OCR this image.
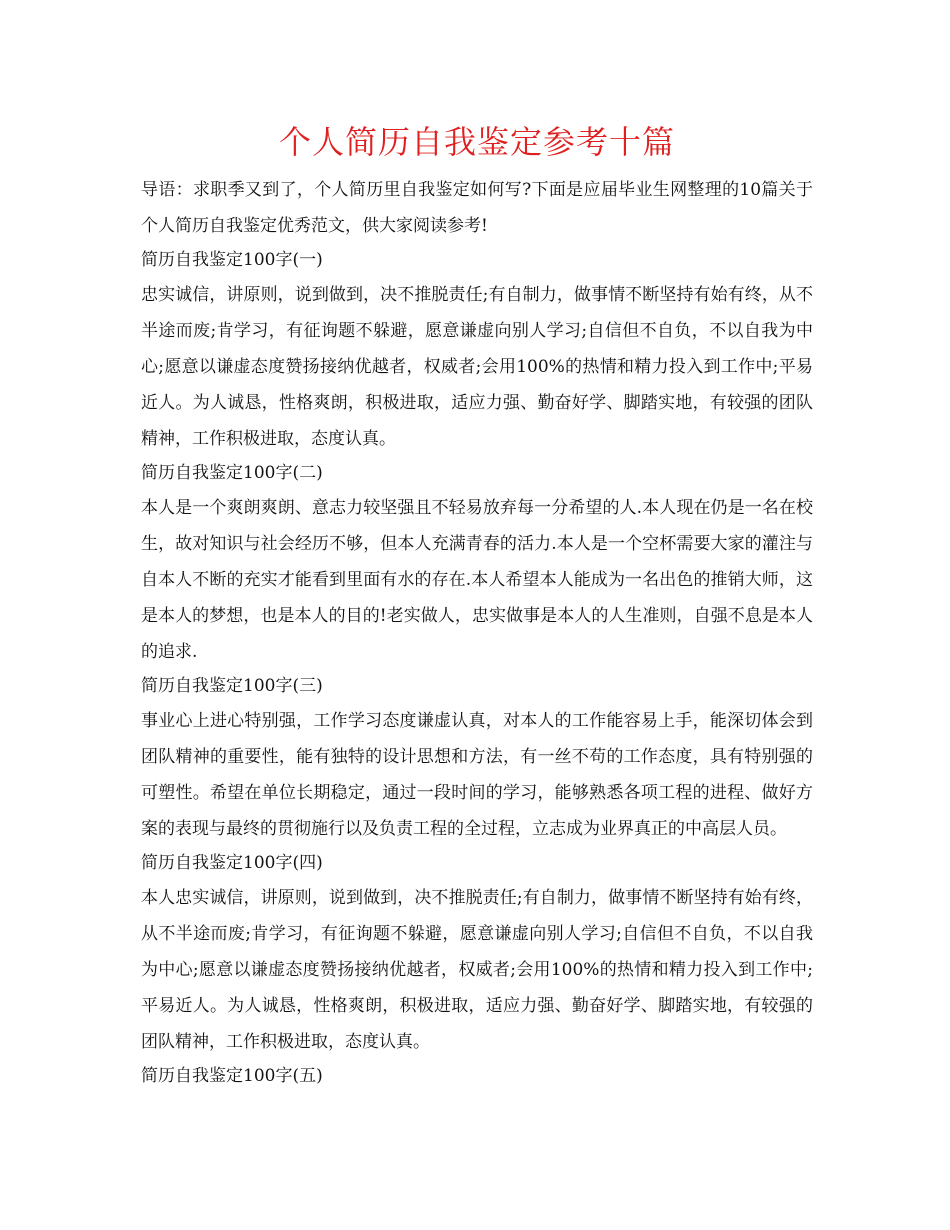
个人简历自我鉴定参考十篇

导语：求职季又到了，个人简历里自我鉴定如何写?下面是应届毕业生网整理的10篇关于个人简历自我鉴定优秀范文，供大家阅读参考!

简历自我鉴定100字(一)

忠实诚信，讲原则，说到做到，决不推脱责任;有自制力，做事情不断坚持有始有终，从不半途而废;肯学习，有征询题不躲避，愿意谦虚向别人学习;自信但不自负，不以自我为中心;愿意以谦虚态度赞扬接纳优越者，权威者;会用100%的热情和精力投入到工作中;平易近人。为人诚恳，性格爽朗，积极进取，适应力强、勤奋好学、脚踏实地，有较强的团队精神，工作积极进取，态度认真。

简历自我鉴定100字(二)

本人是一个爽朗爽朗、意志力较坚强且不轻易放弃每一分希望的人.本人现在仍是一名在校生，故对知识与社会经历不够，但本人充满青春的活力.本人是一个空杯需要大家的灌注与自本人不断的充实才能看到里面有水的存在.本人希望本人能成为一名出色的推销大师，这是本人的梦想，也是本人的目的!老实做人，忠实做事是本人的人生准则，自强不息是本人的追求.

简历自我鉴定100字(三)

事业心上进心特别强，工作学习态度谦虚认真，对本人的工作能容易上手，能深切体会到团队精神的重要性，能有独特的设计思想和方法，有一丝不苟的工作态度，具有特别强的可塑性。希望在单位长期稳定，通过一段时间的学习，能够熟悉各项工程的进程、做好方案的表现与最终的贯彻施行以及负责工程的全过程，立志成为业界真正的中高层人员。

简历自我鉴定100字(四)

本人忠实诚信，讲原则，说到做到，决不推脱责任;有自制力，做事情不断坚持有始有终，从不半途而废;肯学习，有征询题不躲避，愿意谦虚向别人学习;自信但不自负，不以自我为中心;愿意以谦虚态度赞扬接纳优越者，权威者;会用100%的热情和精力投入到工作中;平易近人。为人诚恳，性格爽朗，积极进取，适应力强、勤奋好学、脚踏实地，有较强的团队精神，工作积极进取，态度认真。

简历自我鉴定100字(五)
